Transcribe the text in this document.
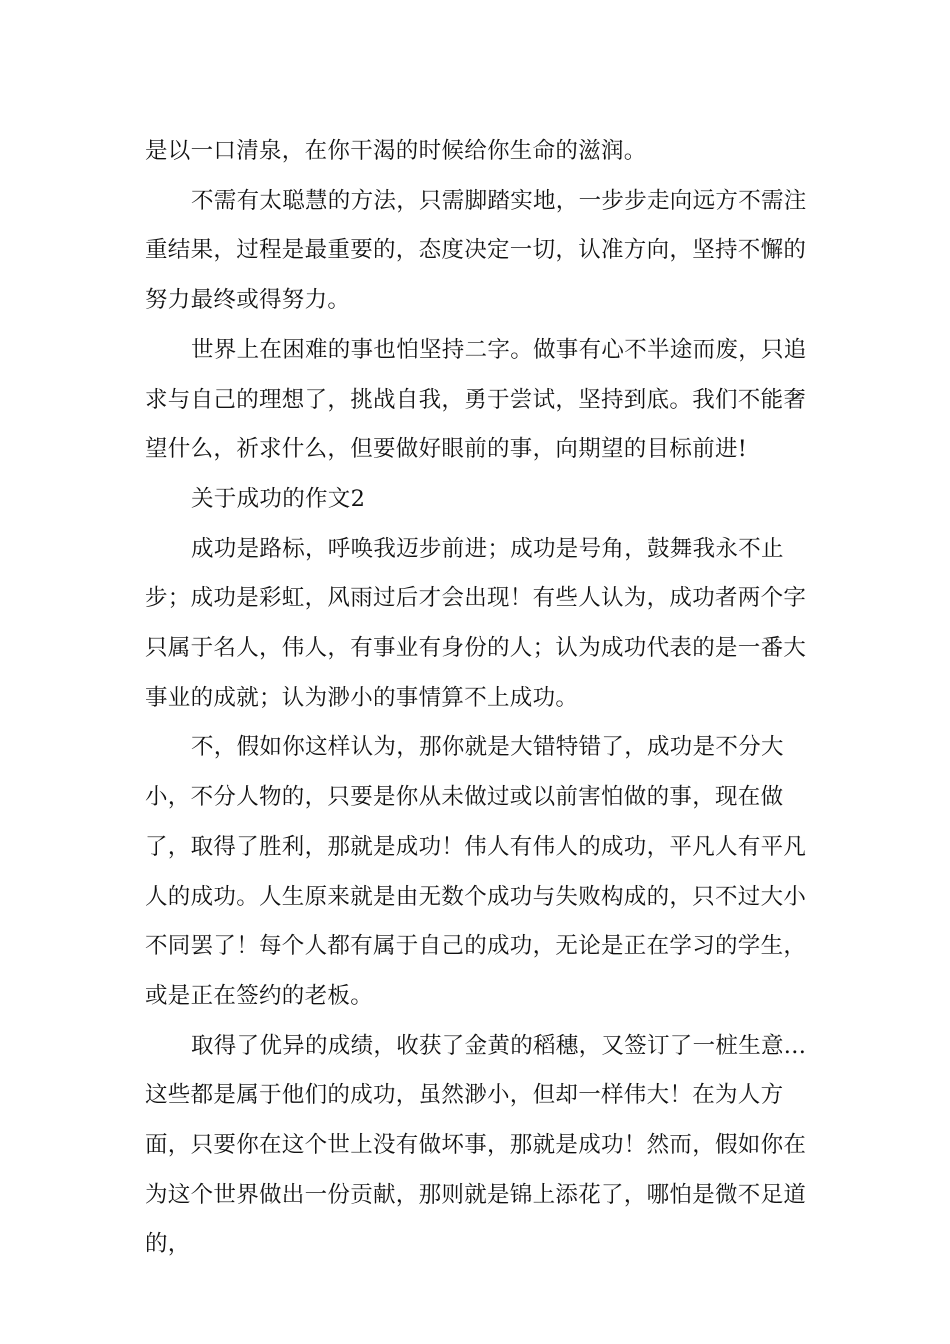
是以一口清泉，在你干渴的时候给你生命的滋润。

不需有太聪慧的方法，只需脚踏实地，一步步走向远方不需注重结果，过程是最重要的，态度决定一切，认准方向，坚持不懈的努力最终或得努力。

世界上在困难的事也怕坚持二字。做事有心不半途而废，只追求与自己的理想了，挑战自我，勇于尝试，坚持到底。我们不能奢望什么，祈求什么，但要做好眼前的事，向期望的目标前进!

关于成功的作文2

成功是路标，呼唤我迈步前进；成功是号角，鼓舞我永不止步；成功是彩虹，风雨过后才会出现！有些人认为，成功者两个字只属于名人，伟人，有事业有身份的人；认为成功代表的是一番大事业的成就；认为渺小的事情算不上成功。

不，假如你这样认为，那你就是大错特错了，成功是不分大小，不分人物的，只要是你从未做过或以前害怕做的事，现在做了，取得了胜利，那就是成功！伟人有伟人的成功，平凡人有平凡人的成功。人生原来就是由无数个成功与失败构成的，只不过大小不同罢了！每个人都有属于自己的成功，无论是正在学习的学生，或是正在签约的老板。

取得了优异的成绩，收获了金黄的稻穗，又签订了一桩生意...这些都是属于他们的成功，虽然渺小，但却一样伟大！在为人方面，只要你在这个世上没有做坏事，那就是成功！然而，假如你在为这个世界做出一份贡献，那则就是锦上添花了，哪怕是微不足道的，
